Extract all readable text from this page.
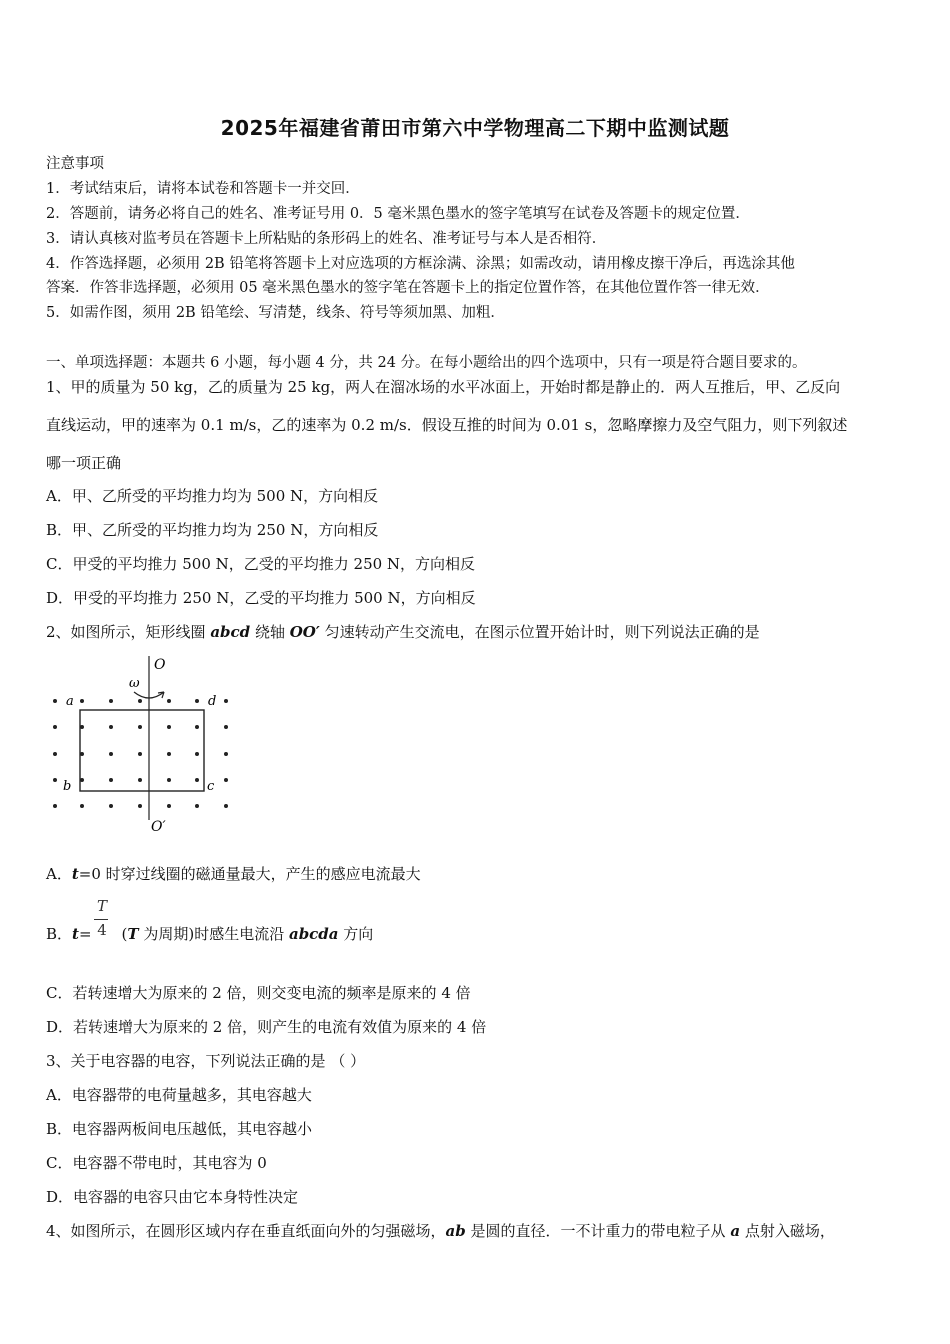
2025年福建省莆田市第六中学物理高二下期中监测试题
注意事项
1．考试结束后，请将本试卷和答题卡一并交回．
2．答题前，请务必将自己的姓名、准考证号用 0．5 毫米黑色墨水的签字笔填写在试卷及答题卡的规定位置．
3．请认真核对监考员在答题卡上所粘贴的条形码上的姓名、准考证号与本人是否相符．
4．作答选择题，必须用 2B 铅笔将答题卡上对应选项的方框涂满、涂黑；如需改动，请用橡皮擦干净后，再选涂其他
答案．作答非选择题，必须用 05 毫米黑色墨水的签字笔在答题卡上的指定位置作答，在其他位置作答一律无效．
5．如需作图，须用 2B 铅笔绘、写清楚，线条、符号等须加黑、加粗．
一、单项选择题：本题共 6 小题，每小题 4 分，共 24 分。在每小题给出的四个选项中，只有一项是符合题目要求的。
1、甲的质量为 50 kg，乙的质量为 25 kg，两人在溜冰场的水平冰面上，开始时都是静止的．两人互推后，甲、乙反向
直线运动，甲的速率为 0.1 m/s，乙的速率为 0.2 m/s．假设互推的时间为 0.01 s，忽略摩擦力及空气阻力，则下列叙述
哪一项正确
A．甲、乙所受的平均推力均为 500 N，方向相反
B．甲、乙所受的平均推力均为 250 N，方向相反
C．甲受的平均推力 500 N，乙受的平均推力 250 N，方向相反
D．甲受的平均推力 250 N，乙受的平均推力 500 N，方向相反
2、如图所示，矩形线圈 abcd 绕轴 OO′ 匀速转动产生交流电，在图示位置开始计时，则下列说法正确的是
O
O′
ω
a
b	c
d
A．t=0 时穿过线圈的磁通量最大，产生的感应电流最大
T
4
B．t= (T 为周期)时感生电流沿 abcda 方向
C．若转速增大为原来的 2 倍，则交变电流的频率是原来的 4 倍
D．若转速增大为原来的 2 倍，则产生的电流有效值为原来的 4 倍
3、关于电容器的电容，下列说法正确的是 （ ）
A．电容器带的电荷量越多，其电容越大
B．电容器两板间电压越低，其电容越小
C．电容器不带电时，其电容为 0
D．电容器的电容只由它本身特性决定
4、如图所示，在圆形区域内存在垂直纸面向外的匀强磁场，ab 是圆的直径．一不计重力的带电粒子从 a 点射入磁场，
